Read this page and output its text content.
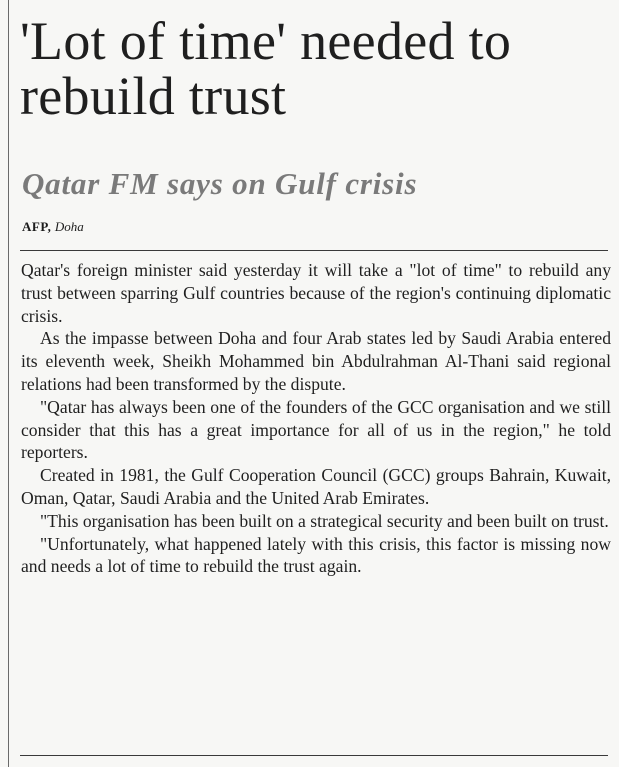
'Lot of time' needed to rebuild trust
Qatar FM says on Gulf crisis
AFP, Doha

Qatar's foreign minister said yesterday it will take a "lot of time" to rebuild any trust between sparring Gulf countries because of the region's continuing diplomatic crisis.

As the impasse between Doha and four Arab states led by Saudi Arabia entered its eleventh week, Sheikh Mohammed bin Abdulrahman Al-Thani said regional relations had been transformed by the dispute.

"Qatar has always been one of the founders of the GCC organisation and we still consider that this has a great importance for all of us in the region," he told reporters.

Created in 1981, the Gulf Cooperation Council (GCC) groups Bahrain, Kuwait, Oman, Qatar, Saudi Arabia and the United Arab Emirates.

"This organisation has been built on a strategical security and been built on trust.

"Unfortunately, what happened lately with this crisis, this factor is missing now and needs a lot of time to rebuild the trust again.
